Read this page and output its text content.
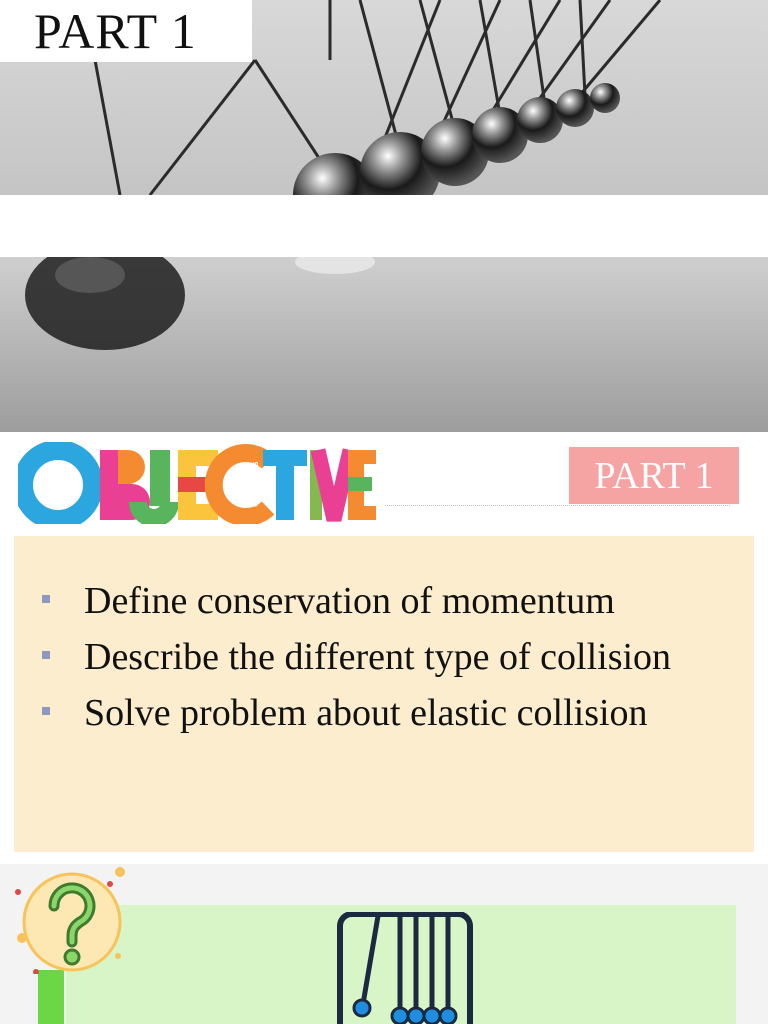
PART 1
Objectives	PART 1
Define conservation of momentum
Describe the different type of collision
Solve problem about elastic collision
